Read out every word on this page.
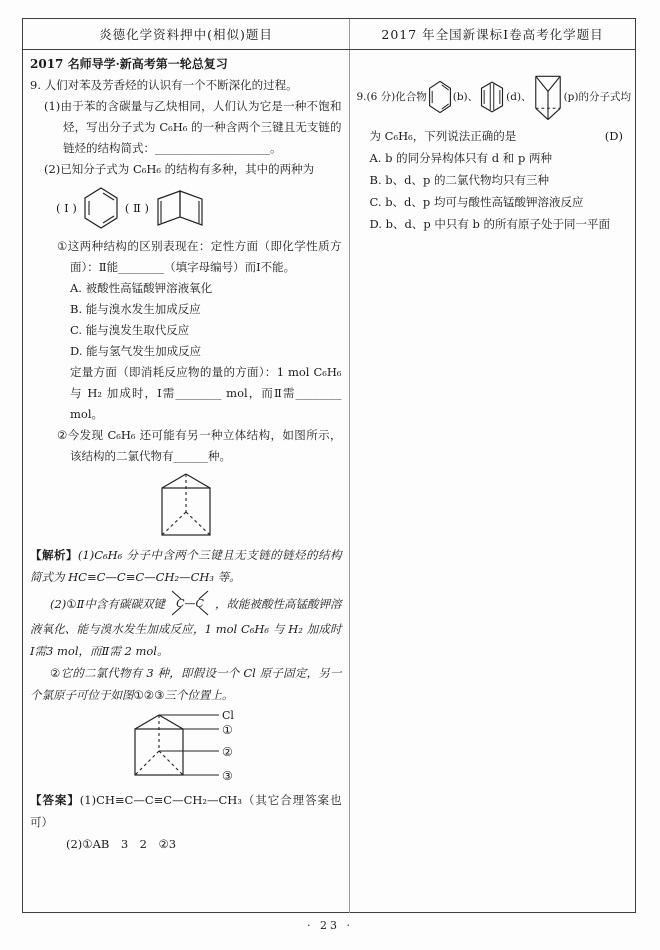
炎德化学资料押中(相似)题目	2017 年全国新课标Ⅰ卷高考化学题目
2017 名师导学·新高考第一轮总复习
9. 人们对苯及芳香烃的认识有一个不断深化的过程。
(1)由于苯的含碳量与乙炔相同，人们认为它是一种不饱和烃，写出分子式为 C₆H₆ 的一种含两个三键且无支链的链烃的结构简式：____________________。
(2)已知分子式为 C₆H₆ 的结构有多种，其中的两种为
( Ⅰ )	( Ⅱ )
①这两种结构的区别表现在：定性方面（即化学性质方面）：Ⅱ能________（填字母编号）而Ⅰ不能。
A. 被酸性高锰酸钾溶液氧化
B. 能与溴水发生加成反应
C. 能与溴发生取代反应
D. 能与氢气发生加成反应
定量方面（即消耗反应物的量的方面）：1 mol C₆H₆ 与 H₂ 加成时，Ⅰ需________ mol，而Ⅱ需________ mol。
②今发现 C₆H₆ 还可能有另一种立体结构，如图所示，该结构的二氯代物有______种。

【解析】(1)C₆H₆ 分子中含两个三键且无支链的链烃的结构简式为 HC≡C—C≡C—CH₂—CH₃ 等。

(2)①Ⅱ中含有碳碳双键 C—C ，故能被酸性高锰酸钾溶液氧化、能与溴水发生加成反应，1 mol C₆H₆ 与 H₂ 加成时Ⅰ需3 mol，而Ⅱ需 2 mol。

②它的二氯代物有 3 种，即假设一个 Cl 原子固定，另一个氯原子可位于如图①②③三个位置上。

Cl
①
②
③
【答案】(1)CH≡C—C≡C—CH₂—CH₃（其它合理答案也可）
(2)①AB　3　2　②3
9.(6 分)化合物 (b)、	(d)、	(p)的分子式均
为 C₆H₆，下列说法正确的是	(D)
A. b 的同分异构体只有 d 和 p 两种
B. b、d、p 的二氯代物均只有三种
C. b、d、p 均可与酸性高锰酸钾溶液反应
D. b、d、p 中只有 b 的所有原子处于同一平面
· 23 ·
